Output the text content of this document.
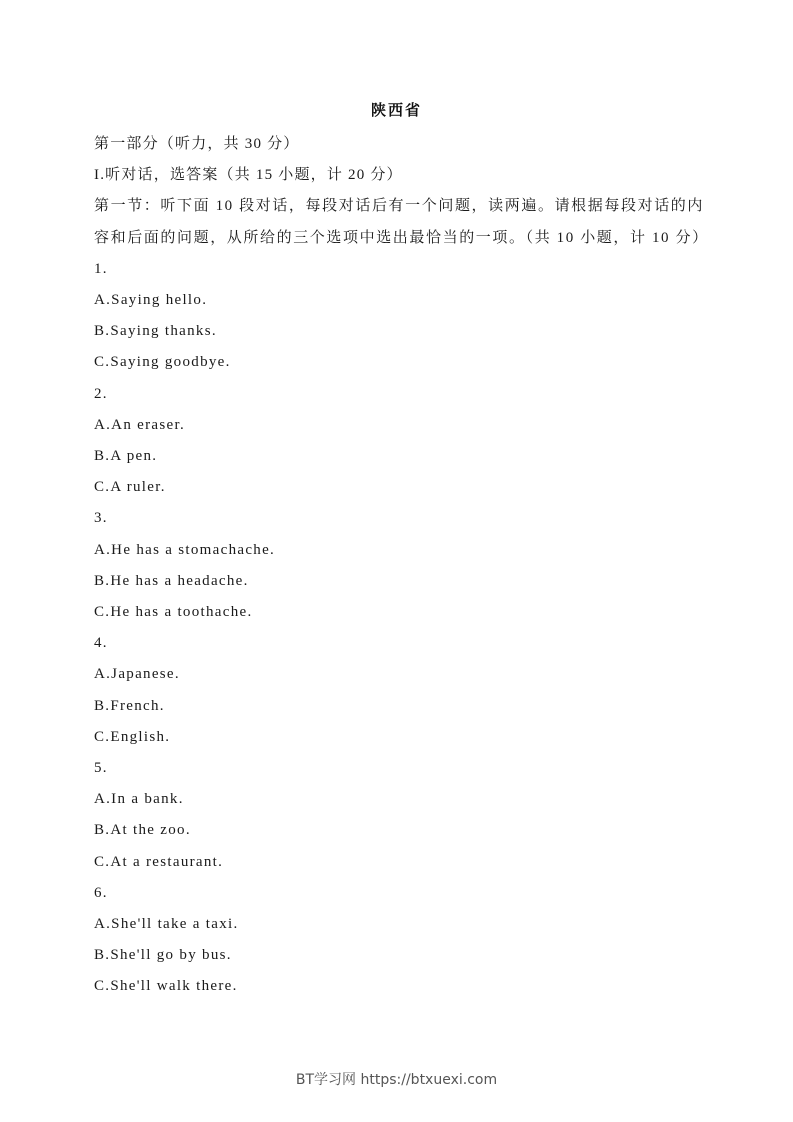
陕西省
第一部分（听力，共 30 分）
I.听对话，选答案（共 15 小题，计 20 分）
第一节：听下面 10 段对话，每段对话后有一个问题，读两遍。请根据每段对话的内容和后面的问题，从所给的三个选项中选出最恰当的一项。（共 10 小题，计 10 分）
1.
A.Saying hello.
B.Saying thanks.
C.Saying goodbye.
2.
A.An eraser.
B.A pen.
C.A ruler.
3.
A.He has a stomachache.
B.He has a headache.
C.He has a toothache.
4.
A.Japanese.
B.French.
C.English.
5.
A.In a bank.
B.At the zoo.
C.At a restaurant.
6.
A.She'll take a taxi.
B.She'll go by bus.
C.She'll walk there.
BT学习网 https://btxuexi.com
